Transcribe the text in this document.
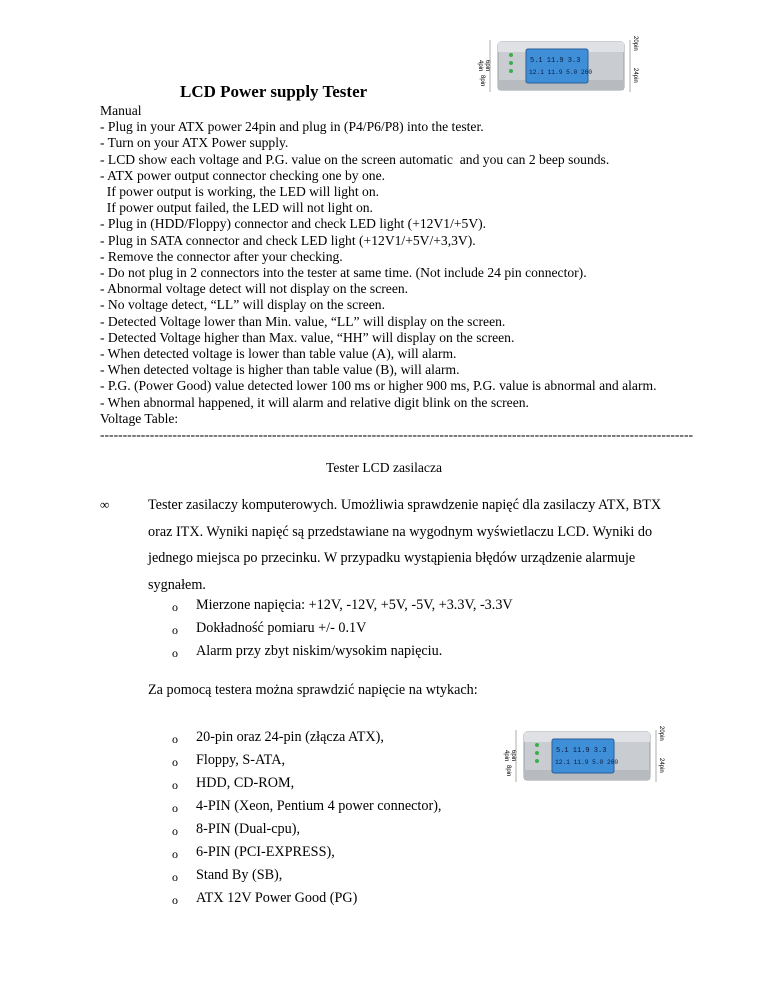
4pin 6pin
8pin
5.1 11.9 3.3
12.1 11.9 5.0 260
20pin
24pin
LCD Power supply Tester
Manual
- Plug in your ATX power 24pin and plug in (P4/P6/P8) into the tester.
- Turn on your ATX Power supply.
- LCD show each voltage and P.G. value on the screen automatic  and you can 2 beep sounds.
- ATX power output connector checking one by one.
If power output is working, the LED will light on.
If power output failed, the LED will not light on.
- Plug in (HDD/Floppy) connector and check LED light (+12V1/+5V).
- Plug in SATA connector and check LED light (+12V1/+5V/+3,3V).
- Remove the connector after your checking.
- Do not plug in 2 connectors into the tester at same time. (Not include 24 pin connector).
- Abnormal voltage detect will not display on the screen.
- No voltage detect, “LL” will display on the screen.
- Detected Voltage lower than Min. value, “LL” will display on the screen.
- Detected Voltage higher than Max. value, “HH” will display on the screen.
- When detected voltage is lower than table value (A), will alarm.
- When detected voltage is higher than table value (B), will alarm.
- P.G. (Power Good) value detected lower 100 ms or higher 900 ms, P.G. value is abnormal and alarm.
- When abnormal happened, it will alarm and relative digit blink on the screen.
Voltage Table:
-----------------------------------------------------------------------------------------------------------------------------------
Tester LCD zasilacza
∞	Tester zasilaczy komputerowych. Umożliwia sprawdzenie napięć dla zasilaczy ATX, BTX oraz ITX. Wyniki napięć są przedstawiane na wygodnym wyświetlaczu LCD. Wyniki do jednego miejsca po przecinku. W przypadku wystąpienia błędów urządzenie alarmuje sygnałem.
o Mierzone napięcia: +12V, -12V, +5V, -5V, +3.3V, -3.3V
o Dokładność pomiaru +/- 0.1V
o Alarm przy zbyt niskim/wysokim napięciu.
Za pomocą testera można sprawdzić napięcie na wtykach:
o 20-pin oraz 24-pin (złącza ATX),
o Floppy, S-ATA,
o HDD, CD-ROM,
o 4-PIN (Xeon, Pentium 4 power connector),
o 8-PIN (Dual-cpu),
o 6-PIN (PCI-EXPRESS),
o Stand By (SB),
o ATX 12V Power Good (PG)
4pin 6pin
8pin
5.1 11.9 3.3
12.1 11.9 5.0 260
20pin
24pin
